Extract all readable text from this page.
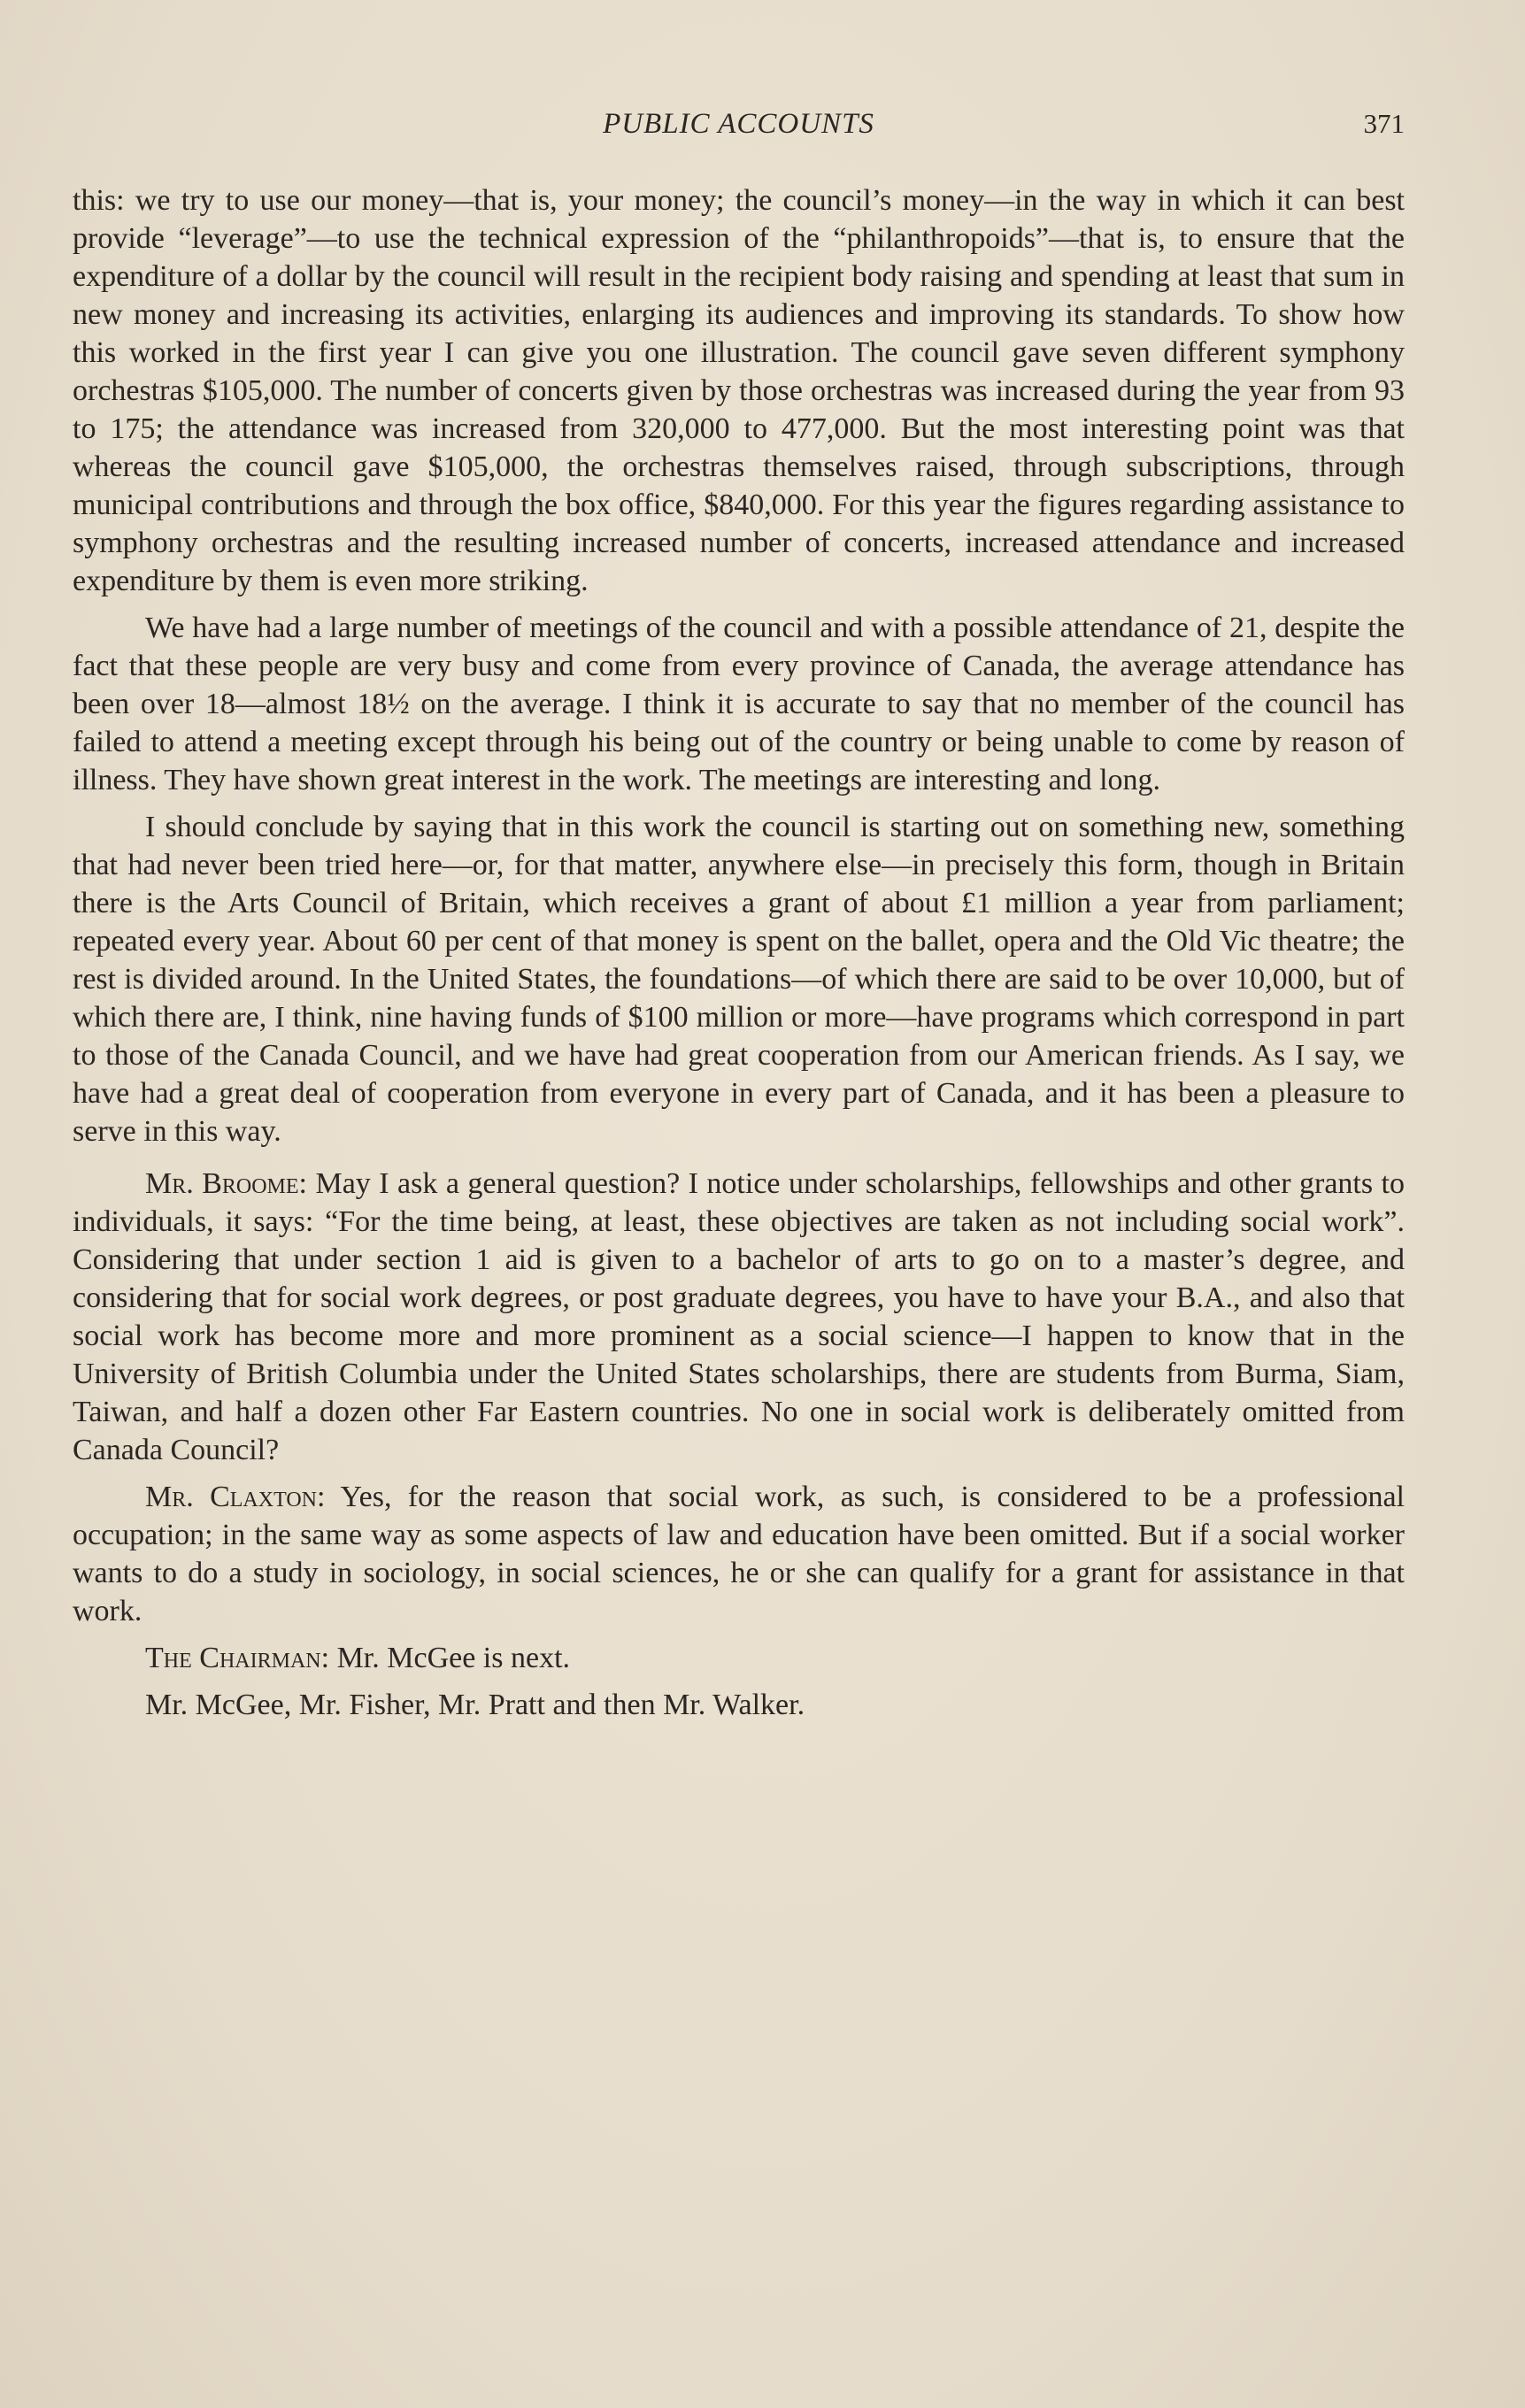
PUBLIC ACCOUNTS	371

this: we try to use our money—that is, your money; the council’s money—in the way in which it can best provide “leverage”—to use the technical expression of the “philanthropoids”—that is, to ensure that the expenditure of a dollar by the council will result in the recipient body raising and spending at least that sum in new money and increasing its activities, enlarging its audiences and improving its standards. To show how this worked in the first year I can give you one illustration. The council gave seven different symphony orchestras $105,000. The number of concerts given by those orchestras was increased during the year from 93 to 175; the attendance was increased from 320,000 to 477,000. But the most interesting point was that whereas the council gave $105,000, the orchestras themselves raised, through subscriptions, through municipal contributions and through the box office, $840,000. For this year the figures regarding assistance to symphony orchestras and the resulting increased number of concerts, increased attendance and increased expenditure by them is even more striking.

We have had a large number of meetings of the council and with a possible attendance of 21, despite the fact that these people are very busy and come from every province of Canada, the average attendance has been over 18—almost 18½ on the average. I think it is accurate to say that no member of the council has failed to attend a meeting except through his being out of the country or being unable to come by reason of illness. They have shown great interest in the work. The meetings are interesting and long.

I should conclude by saying that in this work the council is starting out on something new, something that had never been tried here—or, for that matter, anywhere else—in precisely this form, though in Britain there is the Arts Council of Britain, which receives a grant of about £1 million a year from parliament; repeated every year. About 60 per cent of that money is spent on the ballet, opera and the Old Vic theatre; the rest is divided around. In the United States, the foundations—of which there are said to be over 10,000, but of which there are, I think, nine having funds of $100 million or more—have programs which correspond in part to those of the Canada Council, and we have had great cooperation from our American friends. As I say, we have had a great deal of cooperation from everyone in every part of Canada, and it has been a pleasure to serve in this way.

Mr. Broome: May I ask a general question? I notice under scholarships, fellowships and other grants to individuals, it says: “For the time being, at least, these objectives are taken as not including social work”. Considering that under section 1 aid is given to a bachelor of arts to go on to a master’s degree, and considering that for social work degrees, or post graduate degrees, you have to have your B.A., and also that social work has become more and more prominent as a social science—I happen to know that in the University of British Columbia under the United States scholarships, there are students from Burma, Siam, Taiwan, and half a dozen other Far Eastern countries. No one in social work is deliberately omitted from Canada Council?

Mr. Claxton: Yes, for the reason that social work, as such, is considered to be a professional occupation; in the same way as some aspects of law and education have been omitted. But if a social worker wants to do a study in sociology, in social sciences, he or she can qualify for a grant for assistance in that work.

The Chairman: Mr. McGee is next.

Mr. McGee, Mr. Fisher, Mr. Pratt and then Mr. Walker.
